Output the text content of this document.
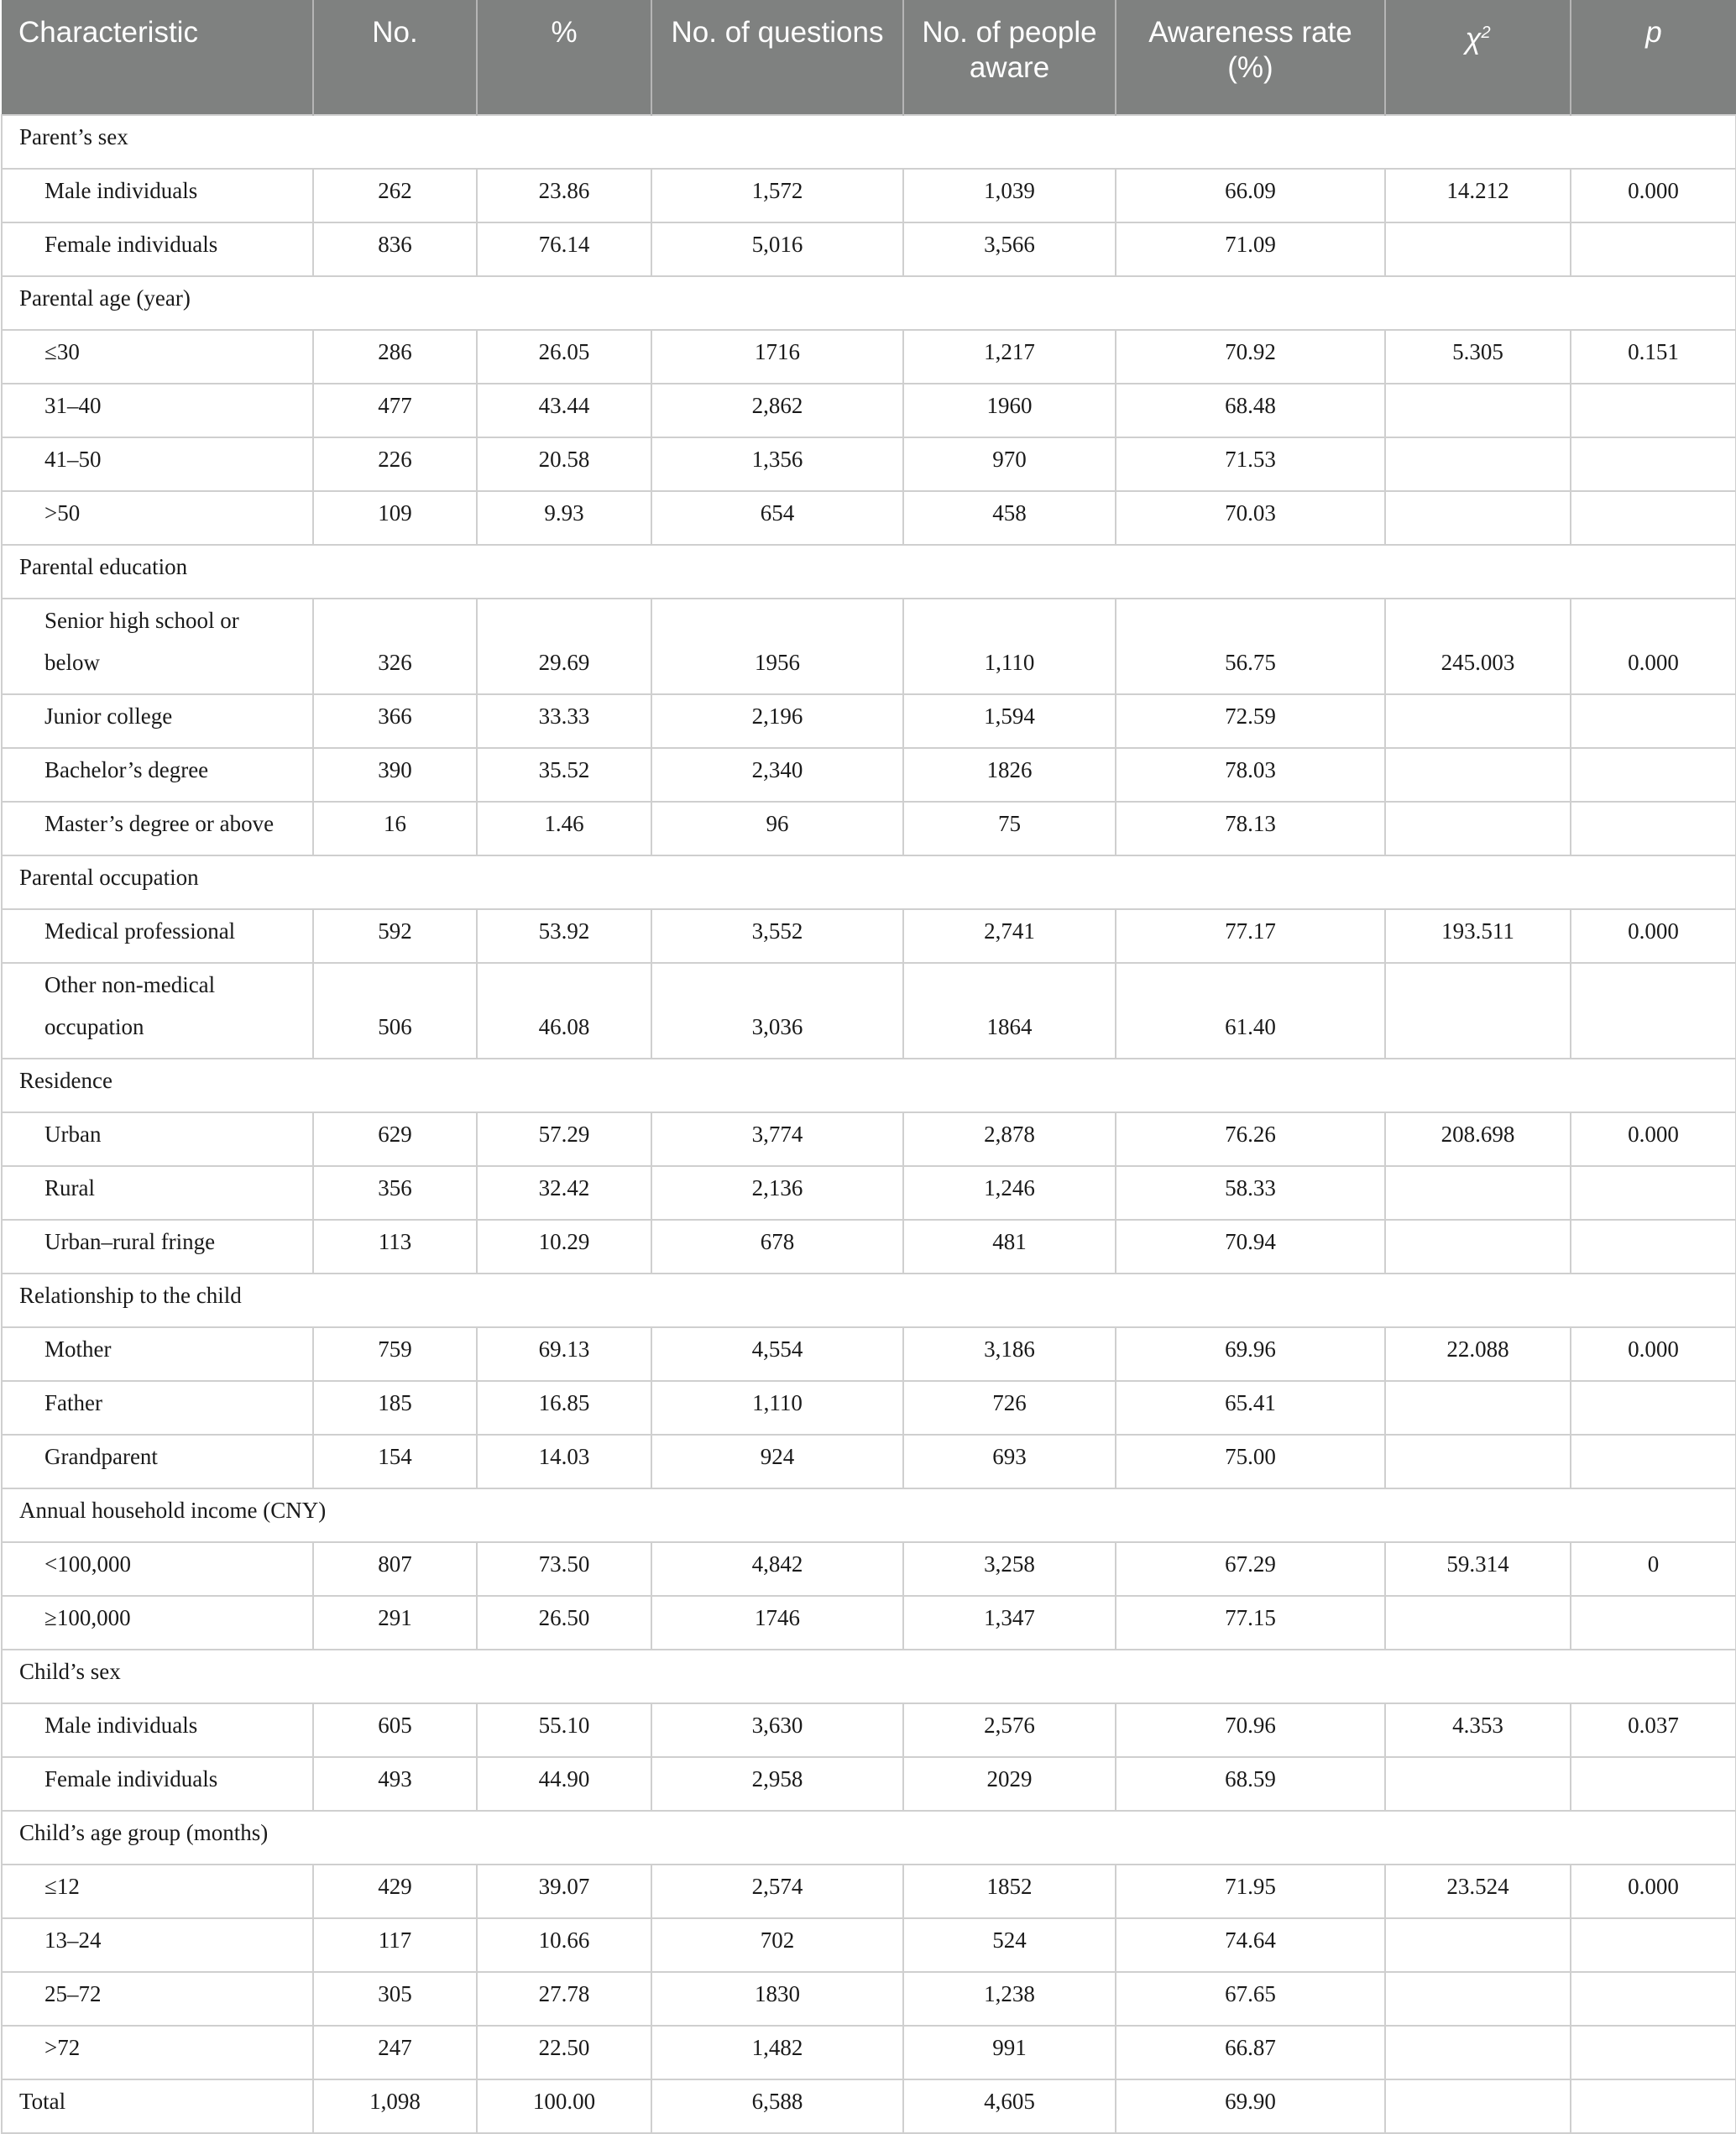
Characteristic	No.	%	No. of questions	No. of people aware	Awareness rate (%)	$\chi^2$	p
Parent’s sex							
Male individuals	262	23.86	1,572	1,039	66.09	14.212	0.000
Female individuals	836	76.14	5,016	3,566	71.09		
Parental age (year)							
≤30	286	26.05	1716	1,217	70.92	5.305	0.151
31–40	477	43.44	2,862	1960	68.48		
41–50	226	20.58	1,356	970	71.53		
>50	109	9.93	654	458	70.03		
Parental education							
Senior high school or
below	326	29.69	1956	1,110	56.75	245.003	0.000
Junior college	366	33.33	2,196	1,594	72.59		
Bachelor’s degree	390	35.52	2,340	1826	78.03		
Master’s degree or above	16	1.46	96	75	78.13		
Parental occupation							
Medical professional	592	53.92	3,552	2,741	77.17	193.511	0.000
Other non-medical
occupation	506	46.08	3,036	1864	61.40		
Residence							
Urban	629	57.29	3,774	2,878	76.26	208.698	0.000
Rural	356	32.42	2,136	1,246	58.33		
Urban–rural fringe	113	10.29	678	481	70.94		
Relationship to the child							
Mother	759	69.13	4,554	3,186	69.96	22.088	0.000
Father	185	16.85	1,110	726	65.41		
Grandparent	154	14.03	924	693	75.00		
Annual household income (CNY)							
<100,000	807	73.50	4,842	3,258	67.29	59.314	0
≥100,000	291	26.50	1746	1,347	77.15		
Child’s sex							
Male individuals	605	55.10	3,630	2,576	70.96	4.353	0.037
Female individuals	493	44.90	2,958	2029	68.59		
Child’s age group (months)							
≤12	429	39.07	2,574	1852	71.95	23.524	0.000
13–24	117	10.66	702	524	74.64		
25–72	305	27.78	1830	1,238	67.65		
>72	247	22.50	1,482	991	66.87		
Total	1,098	100.00	6,588	4,605	69.90		
